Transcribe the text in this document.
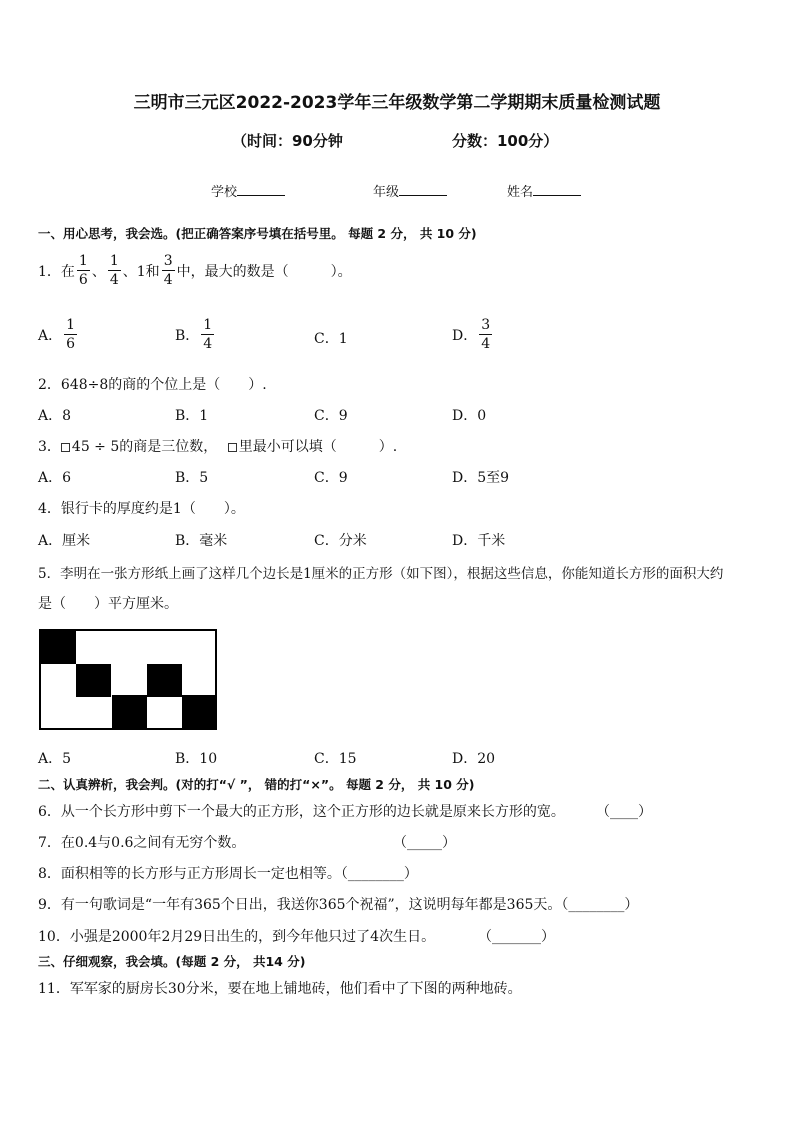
三明市三元区2022-2023学年三年级数学第二学期期末质量检测试题
（时间：90分钟	分数：100分）
学校	年级	姓名
一、用心思考，我会选。(把正确答案序号填在括号里。 每题 2 分， 共 10 分)
1．在 $\frac{1}{6}$ 、 $\frac{1}{4}$ 、1和 $\frac{3}{4}$ 中，最大的数是（　　　）。
A． $\frac{1}{6}$	B． $\frac{1}{4}$	C．1	D． $\frac{3}{4}$
2．648÷8的商的个位上是（　　）.
A．8	B．1	C．9	D．0
3． 45 ÷ 5的商是三位数， 里最小可以填（　　　）.
A．6	B．5	C．9	D．5至9
4．银行卡的厚度约是1（　　）。
A．厘米	B．毫米	C．分米	D．千米
5．李明在一张方形纸上画了这样几个边长是1厘米的正方形（如下图），根据这些信息，你能知道长方形的面积大约
是（　　）平方厘米。
A．5	B．10	C．15	D．20
二、认真辨析，我会判。(对的打“√ ”， 错的打“×”。 每题 2 分， 共 10 分)
6．从一个长方形中剪下一个最大的正方形，这个正方形的边长就是原来长方形的宽。 （____）
7．在0.4与0.6之间有无穷个数。	（_____）
8．面积相等的长方形与正方形周长一定也相等。（________）
9．有一句歌词是“一年有365个日出，我送你365个祝福”，这说明每年都是365天。（________）
10．小强是2000年2月29日出生的，到今年他只过了4次生日。	（_______）
三、仔细观察，我会填。(每题 2 分， 共14 分)
11．军军家的厨房长30分米，要在地上铺地砖，他们看中了下图的两种地砖。
